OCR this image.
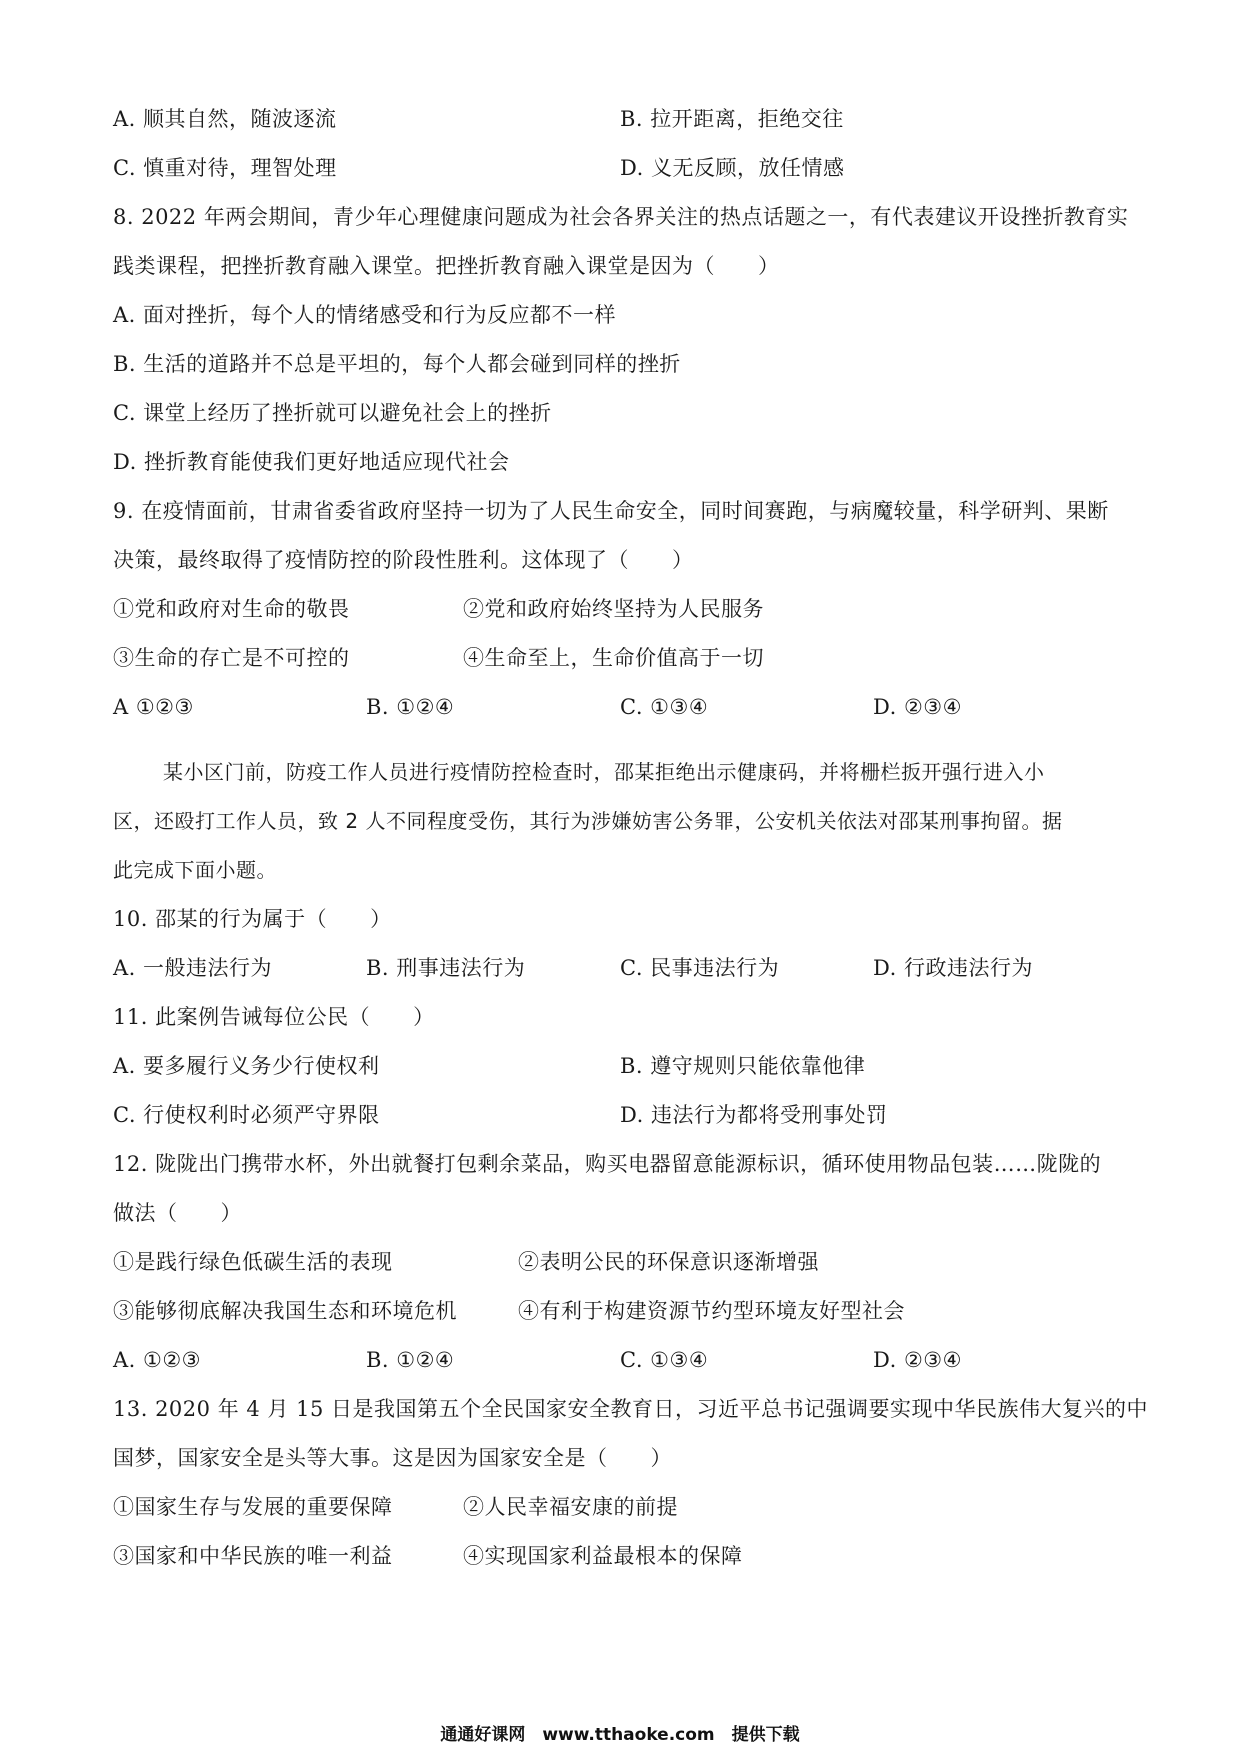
A. 顺其自然，随波逐流	B. 拉开距离，拒绝交往
C. 慎重对待，理智处理	D. 义无反顾，放任情感
8. 2022 年两会期间，青少年心理健康问题成为社会各界关注的热点话题之一，有代表建议开设挫折教育实
践类课程，把挫折教育融入课堂。把挫折教育融入课堂是因为（　　）
A. 面对挫折，每个人的情绪感受和行为反应都不一样
B. 生活的道路并不总是平坦的，每个人都会碰到同样的挫折
C. 课堂上经历了挫折就可以避免社会上的挫折
D. 挫折教育能使我们更好地适应现代社会
9. 在疫情面前，甘肃省委省政府坚持一切为了人民生命安全，同时间赛跑，与病魔较量，科学研判、果断
决策，最终取得了疫情防控的阶段性胜利。这体现了（　　）
①党和政府对生命的敬畏	②党和政府始终坚持为人民服务
③生命的存亡是不可控的	④生命至上，生命价值高于一切
A ①②③	B. ①②④	C. ①③④	D. ②③④
某小区门前，防疫工作人员进行疫情防控检查时，邵某拒绝出示健康码，并将栅栏扳开强行进入小
区，还殴打工作人员，致 2 人不同程度受伤，其行为涉嫌妨害公务罪，公安机关依法对邵某刑事拘留。据
此完成下面小题。
10. 邵某的行为属于（　　）
A. 一般违法行为	B. 刑事违法行为	C. 民事违法行为	D. 行政违法行为
11. 此案例告诫每位公民（　　）
A. 要多履行义务少行使权利	B. 遵守规则只能依靠他律
C. 行使权利时必须严守界限	D. 违法行为都将受刑事处罚
12. 陇陇出门携带水杯，外出就餐打包剩余菜品，购买电器留意能源标识，循环使用物品包装……陇陇的
做法（　　）
①是践行绿色低碳生活的表现	②表明公民的环保意识逐渐增强
③能够彻底解决我国生态和环境危机	④有利于构建资源节约型环境友好型社会
A. ①②③	B. ①②④	C. ①③④	D. ②③④
13. 2020 年 4 月 15 日是我国第五个全民国家安全教育日，习近平总书记强调要实现中华民族伟大复兴的中
国梦，国家安全是头等大事。这是因为国家安全是（　　）
①国家生存与发展的重要保障	②人民幸福安康的前提
③国家和中华民族的唯一利益	④实现国家利益最根本的保障
通通好课网　www.tthaoke.com　提供下载
